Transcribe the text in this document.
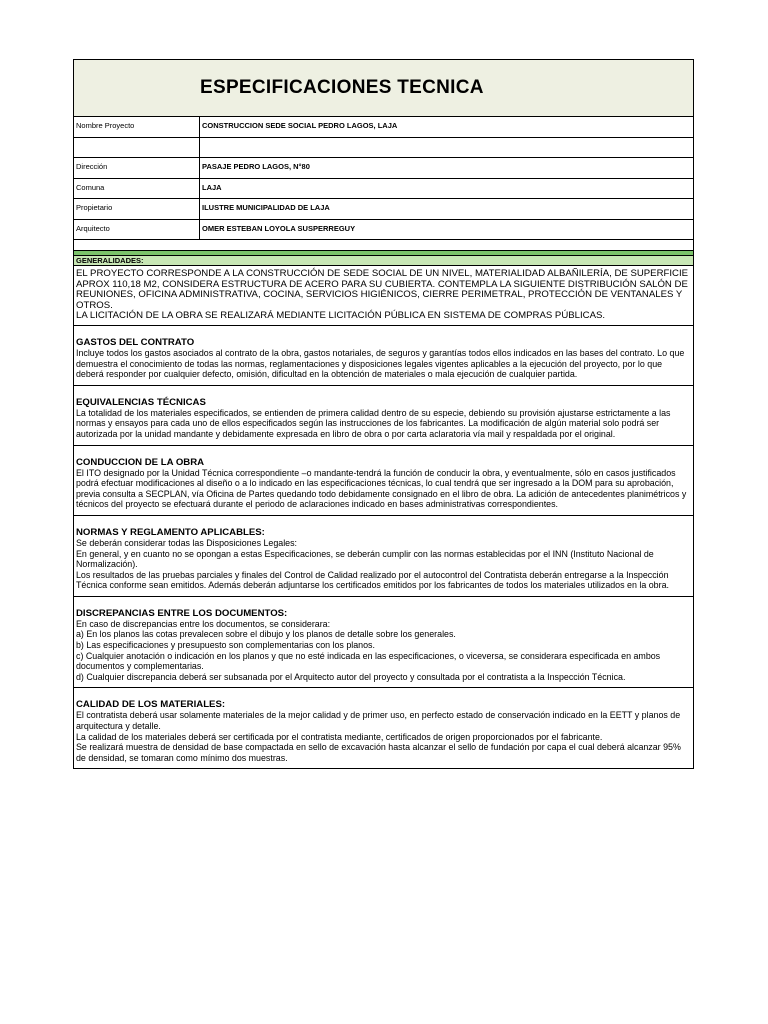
ESPECIFICACIONES TECNICA
Nombre Proyecto	CONSTRUCCION SEDE SOCIAL PEDRO LAGOS, LAJA
Dirección	PASAJE PEDRO LAGOS, N°80
Comuna	LAJA
Propietario	ILUSTRE MUNICIPALIDAD DE LAJA
Arquitecto	OMER ESTEBAN LOYOLA SUSPERREGUY
GENERALIDADES:
EL PROYECTO CORRESPONDE A LA CONSTRUCCIÓN DE SEDE SOCIAL DE UN NIVEL, MATERIALIDAD ALBAÑILERÍA, DE SUPERFICIE APROX 110,18 M2, CONSIDERA ESTRUCTURA DE ACERO PARA SU CUBIERTA. CONTEMPLA LA SIGUIENTE DISTRIBUCIÓN SALÓN DE REUNIONES, OFICINA ADMINISTRATIVA, COCINA, SERVICIOS HIGIÉNICOS, CIERRE PERIMETRAL, PROTECCIÓN DE VENTANALES Y OTROS.
LA LICITACIÓN DE LA OBRA SE REALIZARÁ MEDIANTE LICITACIÓN PÚBLICA EN SISTEMA DE COMPRAS PÚBLICAS.
GASTOS DEL CONTRATO
Incluye todos los gastos asociados al contrato de la obra, gastos notariales, de seguros y garantías todos ellos indicados en las bases del contrato. Lo que demuestra el conocimiento de todas las normas, reglamentaciones y disposiciones legales vigentes aplicables a la ejecución del proyecto, por lo que deberá responder por cualquier defecto, omisión, dificultad en la obtención de materiales o mala ejecución de cualquier partida.
EQUIVALENCIAS TÉCNICAS
La totalidad de los materiales especificados, se entienden de primera calidad dentro de su especie, debiendo su provisión ajustarse estrictamente a las normas y ensayos para cada uno de ellos especificados según las instrucciones de los fabricantes. La modificación de algún material solo podrá ser autorizada por la unidad mandante y debidamente expresada en libro de obra o por carta aclaratoria vía mail y respaldada por el original.
CONDUCCION DE LA OBRA
El ITO designado por la Unidad Técnica correspondiente –o mandante-tendrá la función de conducir la obra, y eventualmente, sólo en casos justificados podrá efectuar modificaciones al diseño o a lo indicado en las especificaciones técnicas, lo cual tendrá que ser ingresado a la DOM para su aprobación, previa consulta a SECPLAN, vía Oficina de Partes quedando todo debidamente consignado en el libro de obra. La adición de antecedentes planimétricos y técnicos del proyecto se efectuará durante el periodo de aclaraciones indicado en bases administrativas correspondientes.
NORMAS Y REGLAMENTO APLICABLES:
Se deberán considerar todas las Disposiciones Legales:
En general, y en cuanto no se opongan a estas Especificaciones, se deberán cumplir con las normas establecidas por el INN (Instituto Nacional de Normalización).
Los resultados de las pruebas parciales y finales del Control de Calidad realizado por el autocontrol del Contratista deberán entregarse a la Inspección Técnica conforme sean emitidos. Además deberán adjuntarse los certificados emitidos por los fabricantes de todos los materiales utilizados en la obra.
DISCREPANCIAS ENTRE LOS DOCUMENTOS:
En caso de discrepancias entre los documentos, se considerara:
a) En los planos las cotas prevalecen sobre el dibujo y los planos de detalle sobre los generales.
b) Las especificaciones y presupuesto son complementarias con los planos.
c) Cualquier anotación o indicación en los planos y que no esté indicada en las especificaciones, o viceversa, se considerara especificada en ambos documentos y complementarias.
d) Cualquier discrepancia deberá ser subsanada por el Arquitecto autor del proyecto y consultada por el contratista a la Inspección Técnica.
CALIDAD DE LOS MATERIALES:
El contratista deberá usar solamente materiales de la mejor calidad y de primer uso, en perfecto estado de conservación indicado en la EETT y planos de arquitectura y detalle.
La calidad de los materiales deberá ser certificada por el contratista mediante, certificados de origen proporcionados por el fabricante.
Se realizará muestra de densidad de base compactada en sello de excavación hasta alcanzar el sello de fundación por capa el cual deberá alcanzar 95% de densidad, se tomaran como mínimo dos muestras.
